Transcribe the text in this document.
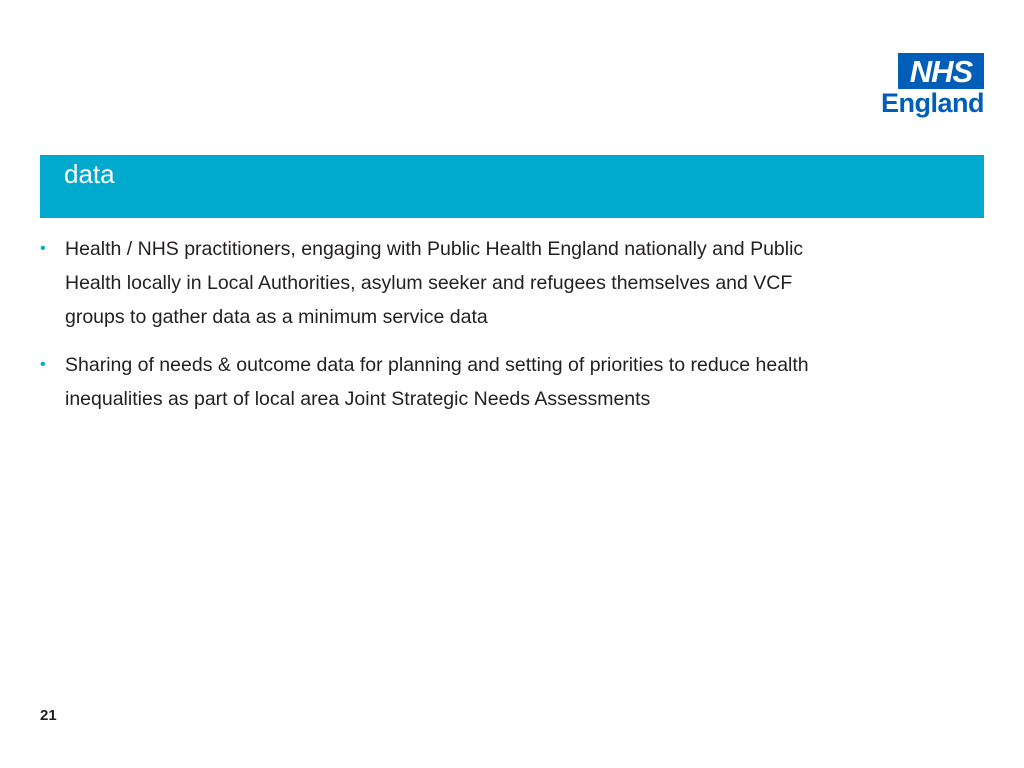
NHS
England
data
• Health / NHS practitioners, engaging with Public Health England nationally and Public Health locally in Local Authorities, asylum seeker and refugees themselves and VCF groups to gather data as a minimum service data
• Sharing of needs & outcome data for planning and setting of priorities to reduce health inequalities as part of local area Joint Strategic Needs Assessments
21
